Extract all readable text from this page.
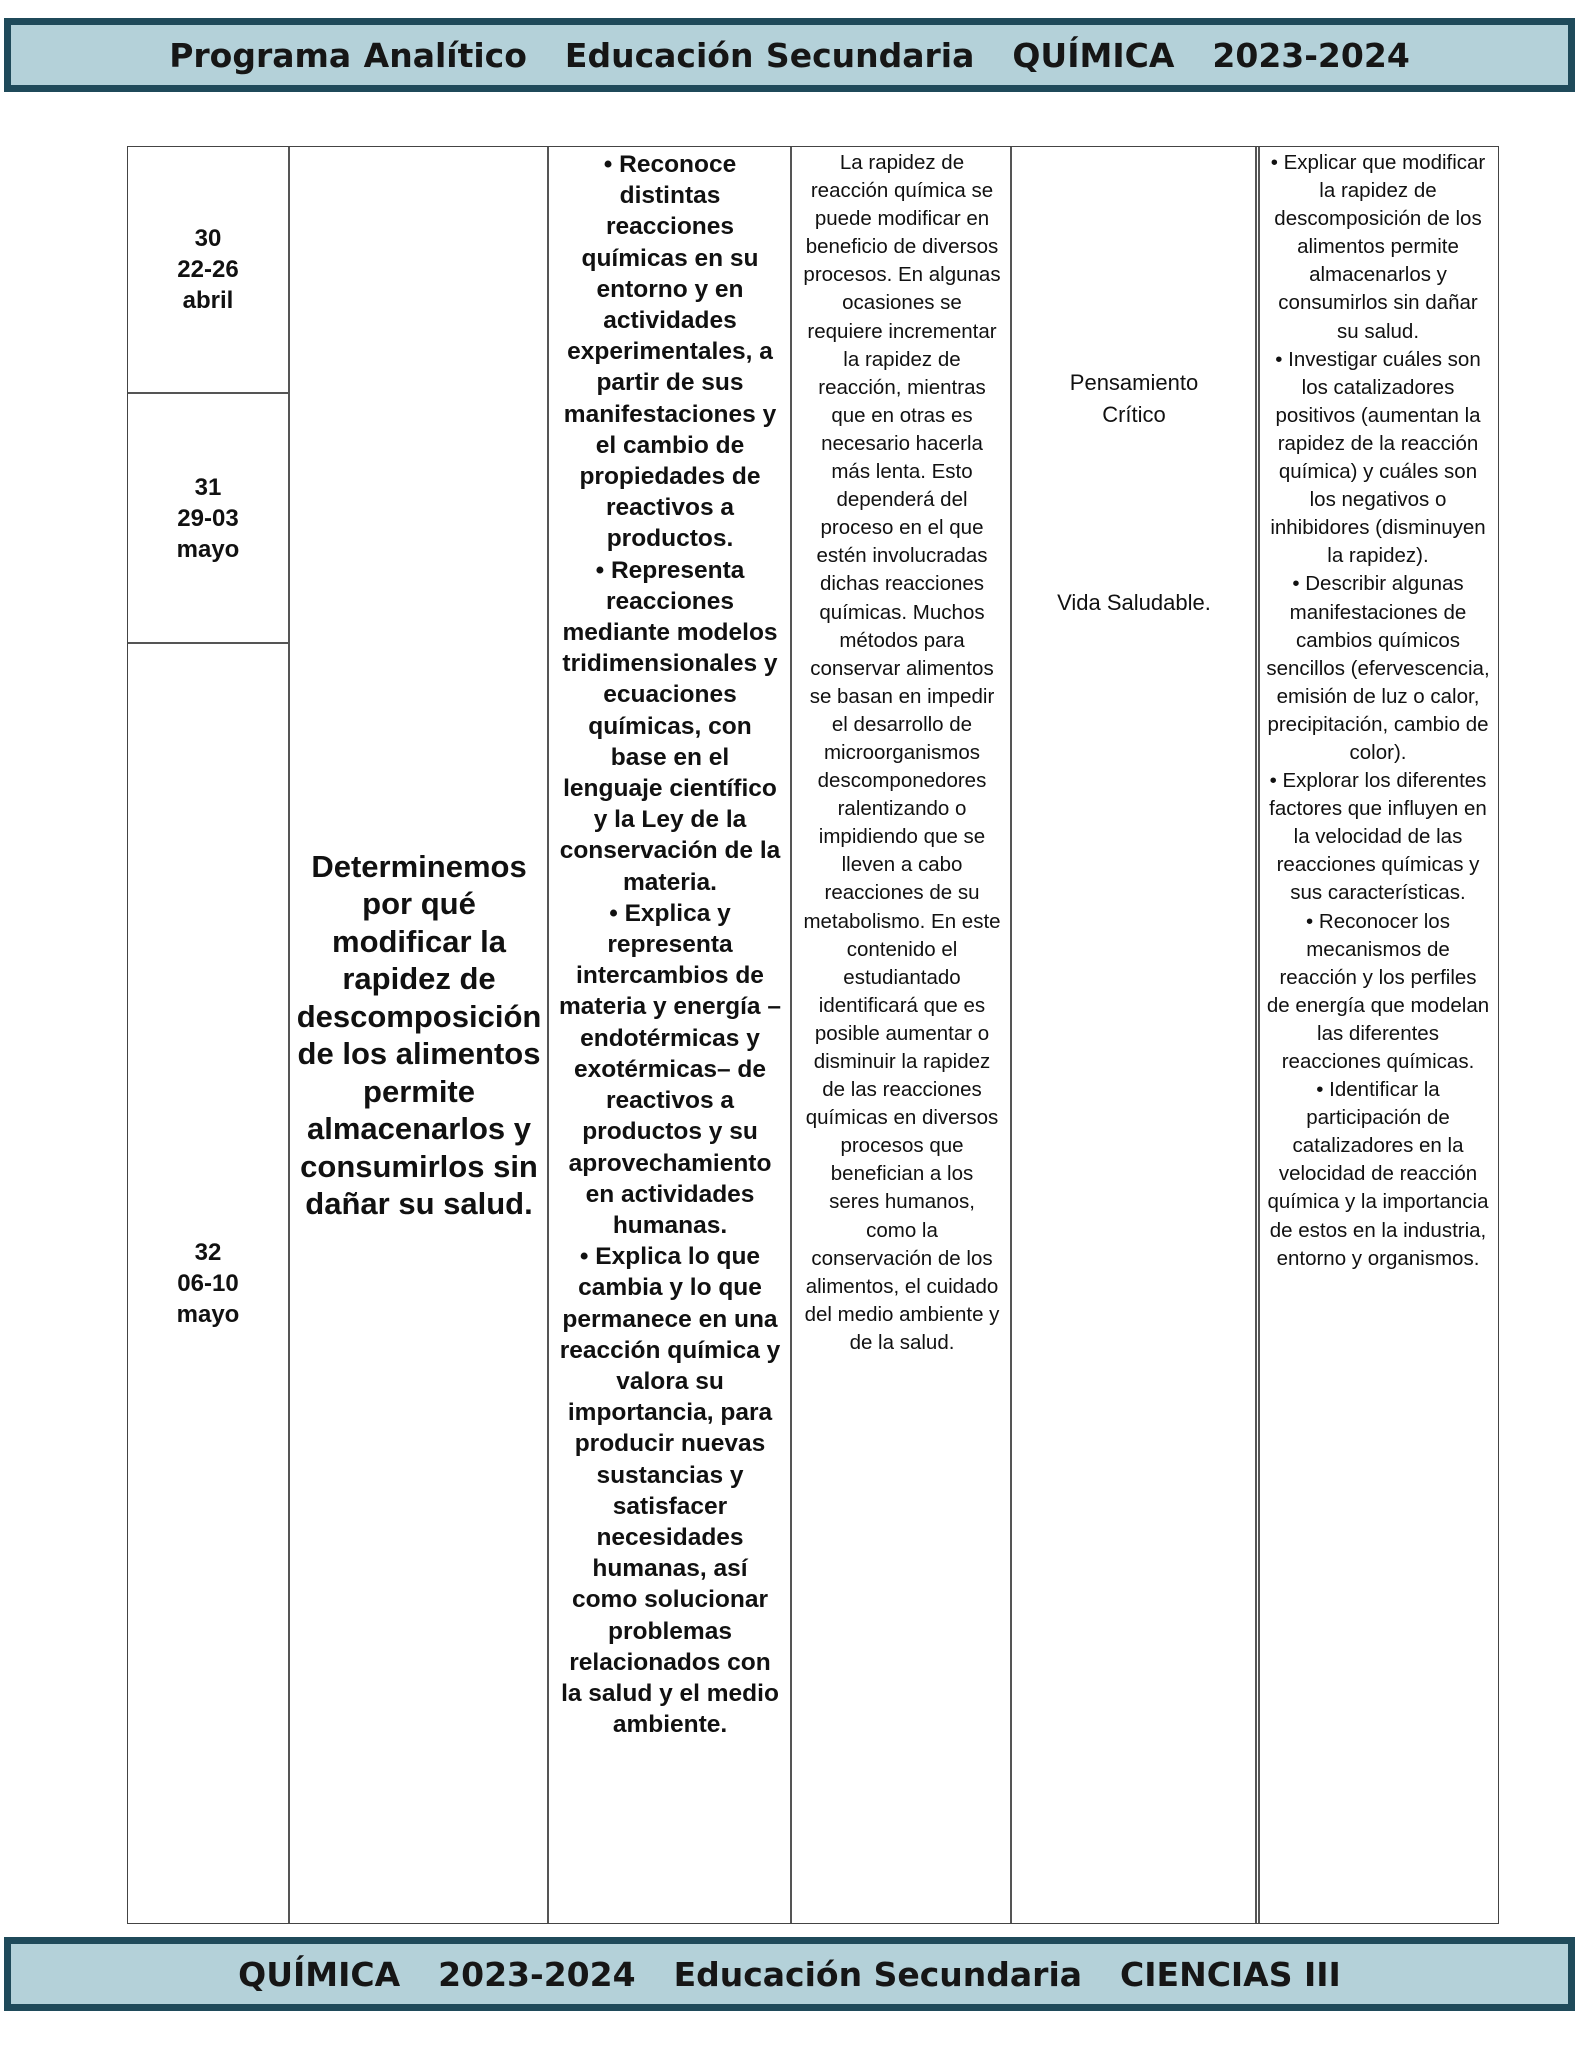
Programa Analítico Educación Secundaria QUÍMICA 2023-2024
30
22-26
abril
31
29-03
mayo
32
06-10
mayo
Determinemos por qué modificar la rapidez de descomposición de los alimentos permite almacenarlos y consumirlos sin dañar su salud.
• Reconoce distintas reacciones químicas en su entorno y en actividades experimentales, a partir de sus manifestaciones y el cambio de propiedades de reactivos a productos.
• Representa reacciones mediante modelos tridimensionales y ecuaciones químicas, con base en el lenguaje científico y la Ley de la conservación de la materia.
• Explica y representa intercambios de materia y energía –endotérmicas y exotérmicas– de reactivos a productos y su aprovechamiento en actividades humanas.
• Explica lo que cambia y lo que permanece en una reacción química y valora su importancia, para producir nuevas sustancias y satisfacer necesidades humanas, así como solucionar problemas relacionados con la salud y el medio ambiente.
La rapidez de reacción química se puede modificar en beneficio de diversos procesos. En algunas ocasiones se requiere incrementar la rapidez de reacción, mientras que en otras es necesario hacerla más lenta. Esto dependerá del proceso en el que estén involucradas dichas reacciones químicas. Muchos métodos para conservar alimentos se basan en impedir el desarrollo de microorganismos descomponedores ralentizando o impidiendo que se lleven a cabo reacciones de su metabolismo. En este contenido el estudiantado identificará que es posible aumentar o disminuir la rapidez de las reacciones químicas en diversos procesos que benefician a los seres humanos, como la conservación de los alimentos, el cuidado del medio ambiente y de la salud.
Pensamiento
Crítico
Vida Saludable.
• Explicar que modificar la rapidez de descomposición de los alimentos permite almacenarlos y consumirlos sin dañar su salud.
• Investigar cuáles son los catalizadores positivos (aumentan la rapidez de la reacción química) y cuáles son los negativos o inhibidores (disminuyen la rapidez).
• Describir algunas manifestaciones de cambios químicos sencillos (efervescencia, emisión de luz o calor, precipitación, cambio de color).
• Explorar los diferentes factores que influyen en la velocidad de las reacciones químicas y sus características.
• Reconocer los mecanismos de reacción y los perfiles de energía que modelan las diferentes reacciones químicas.
• Identificar la participación de catalizadores en la velocidad de reacción química y la importancia de estos en la industria, entorno y organismos.
QUÍMICA 2023-2024 Educación Secundaria CIENCIAS III
